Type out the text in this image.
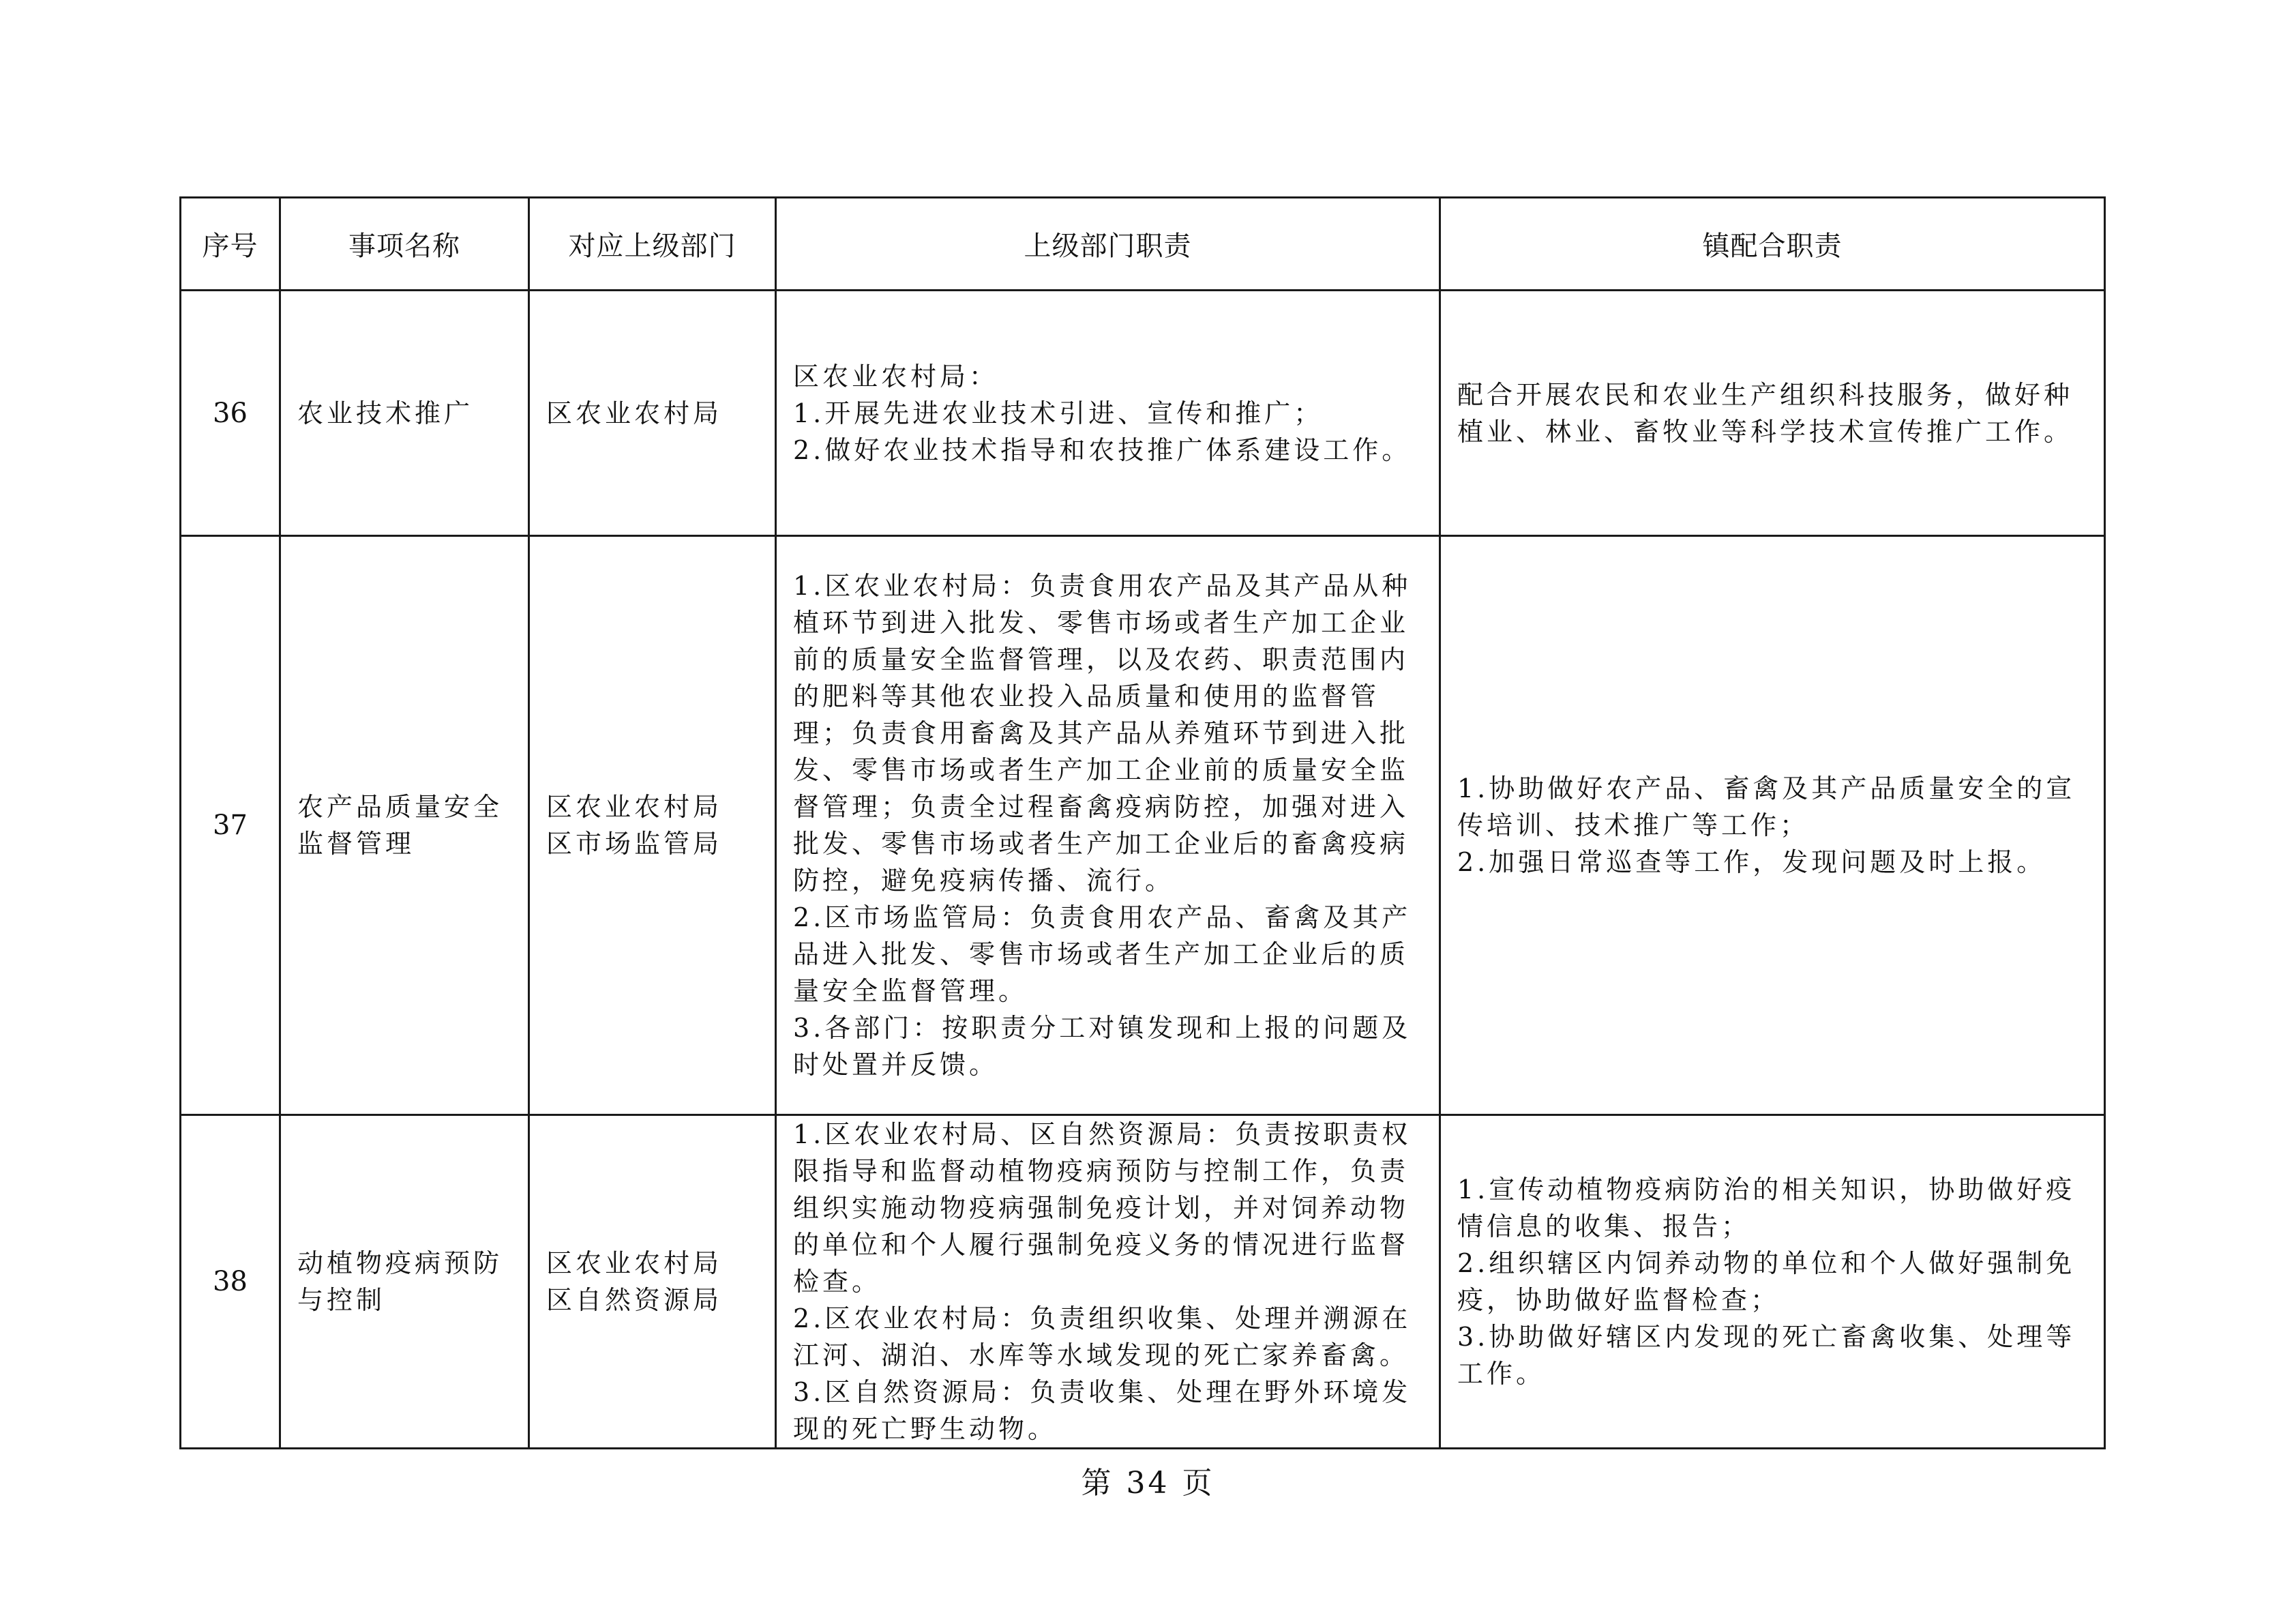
序号	事项名称	对应上级部门	上级部门职责	镇配合职责
36	农业技术推广	区农业农村局	区农业农村局：
1.开展先进农业技术引进、宣传和推广；
2.做好农业技术指导和农技推广体系建设工作。	配合开展农民和农业生产组织科技服务，做好种植业、林业、畜牧业等科学技术宣传推广工作。

37	农产品质量安全监督管理	区农业农村局 区市场监管局	1.区农业农村局：负责食用农产品及其产品从种植环节到进入批发、零售市场或者生产加工企业前的质量安全监督管理，以及农药、职责范围内的肥料等其他农业投入品质量和使用的监督管理；负责食用畜禽及其产品从养殖环节到进入批发、零售市场或者生产加工企业前的质量安全监督管理；负责全过程畜禽疫病防控，加强对进入批发、零售市场或者生产加工企业后的畜禽疫病防控，避免疫病传播、流行。
2.区市场监管局：负责食用农产品、畜禽及其产品进入批发、零售市场或者生产加工企业后的质量安全监督管理。
3.各部门：按职责分工对镇发现和上报的问题及时处置并反馈。	1.协助做好农产品、畜禽及其产品质量安全的宣传培训、技术推广等工作；
2.加强日常巡查等工作，发现问题及时上报。

38	动植物疫病预防与控制	区农业农村局 区自然资源局	1.区农业农村局、区自然资源局：负责按职责权限指导和监督动植物疫病预防与控制工作，负责组织实施动物疫病强制免疫计划，并对饲养动物的单位和个人履行强制免疫义务的情况进行监督检查。
2.区农业农村局：负责组织收集、处理并溯源在江河、湖泊、水库等水域发现的死亡家养畜禽。
3.区自然资源局：负责收集、处理在野外环境发现的死亡野生动物。	1.宣传动植物疫病防治的相关知识，协助做好疫情信息的收集、报告；
2.组织辖区内饲养动物的单位和个人做好强制免疫，协助做好监督检查；
3.协助做好辖区内发现的死亡畜禽收集、处理等工作。
第 34 页
